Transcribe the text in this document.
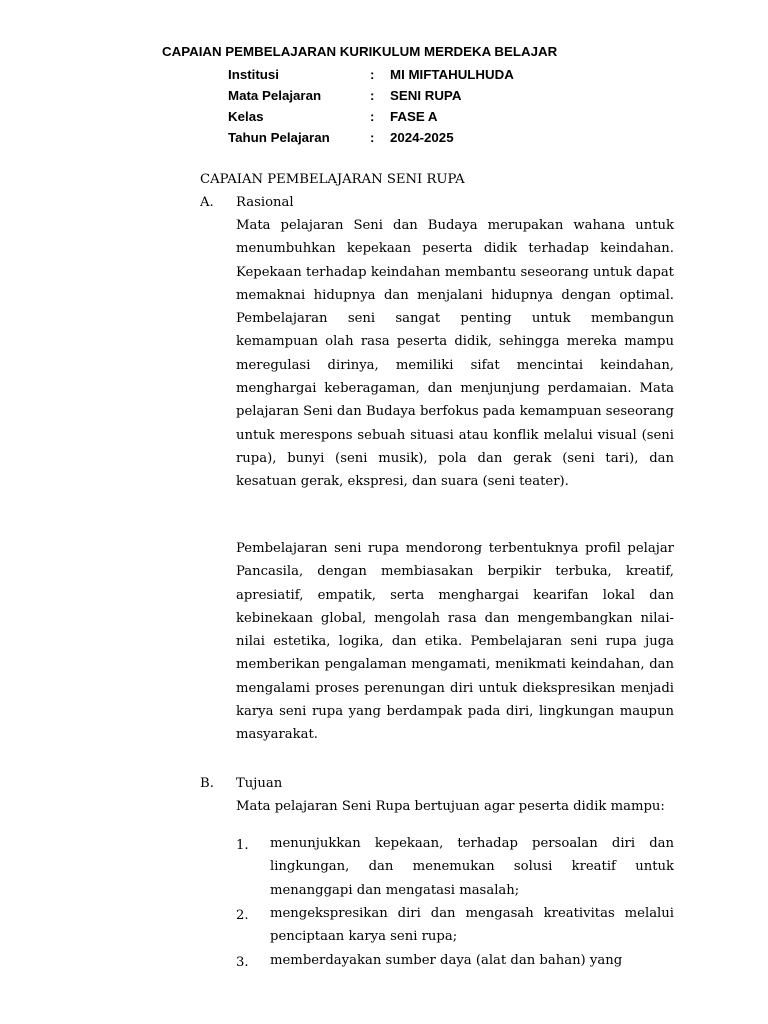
CAPAIAN PEMBELAJARAN KURIKULUM MERDEKA BELAJAR
Institusi	: MI MIFTAHULHUDA
Mata Pelajaran	: SENI RUPA
Kelas	: FASE A
Tahun Pelajaran	: 2024-2025
CAPAIAN PEMBELAJARAN SENI RUPA
A. Rasional

Mata pelajaran Seni dan Budaya merupakan wahana untuk menumbuhkan kepekaan peserta didik terhadap keindahan. Kepekaan terhadap keindahan membantu seseorang untuk dapat memaknai hidupnya dan menjalani hidupnya dengan optimal. Pembelajaran seni sangat penting untuk membangun kemampuan olah rasa peserta didik, sehingga mereka mampu meregulasi dirinya, memiliki sifat mencintai keindahan, menghargai keberagaman, dan menjunjung perdamaian. Mata pelajaran Seni dan Budaya berfokus pada kemampuan seseorang untuk merespons sebuah situasi atau konflik melalui visual (seni rupa), bunyi (seni musik), pola dan gerak (seni tari), dan kesatuan gerak, ekspresi, dan suara (seni teater).

Pembelajaran seni rupa mendorong terbentuknya profil pelajar Pancasila, dengan membiasakan berpikir terbuka, kreatif, apresiatif, empatik, serta menghargai kearifan lokal dan kebinekaan global, mengolah rasa dan mengembangkan nilai- nilai estetika, logika, dan etika. Pembelajaran seni rupa juga memberikan pengalaman mengamati, menikmati keindahan, dan mengalami proses perenungan diri untuk diekspresikan menjadi karya seni rupa yang berdampak pada diri, lingkungan maupun masyarakat.

B. Tujuan

Mata pelajaran Seni Rupa bertujuan agar peserta didik mampu:

1. menunjukkan kepekaan, terhadap persoalan diri dan lingkungan, dan menemukan solusi kreatif untuk menanggapi dan mengatasi masalah;

2. mengekspresikan diri dan mengasah kreativitas melalui penciptaan karya seni rupa;

3. memberdayakan sumber daya (alat dan bahan) yang
